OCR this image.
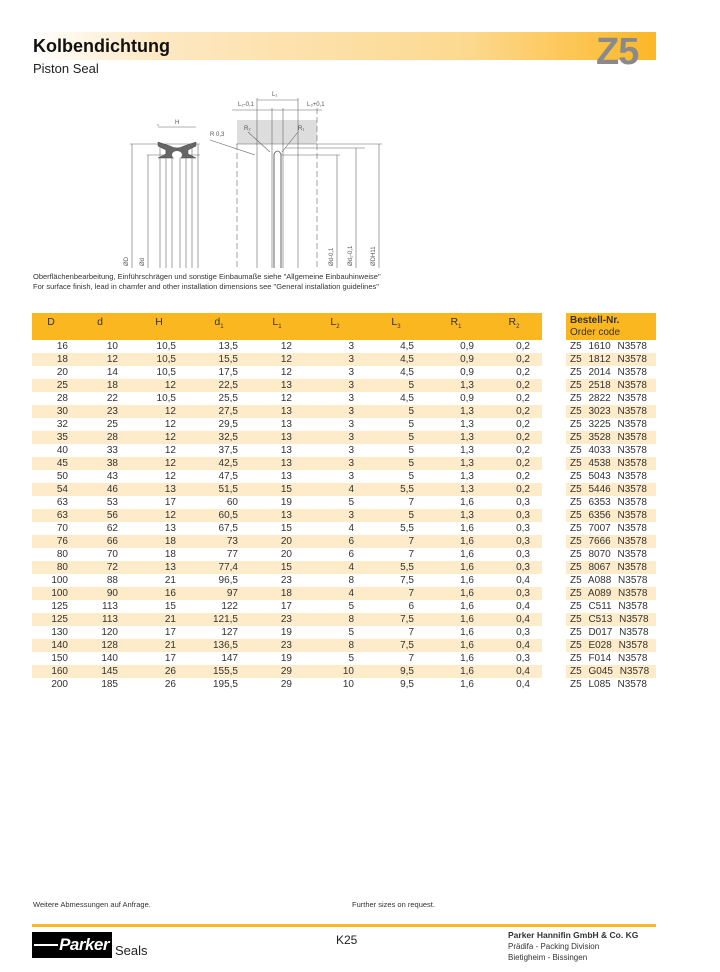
Kolbendichtung
Piston Seal	Z5
H
ØD Ød
L₁
L₂-0,1	L₃+0,1
R₂	R₁
R 0,3
Ød-0,1 Ød₁-0,1	ØDH11
Oberflächenbearbeitung, Einführschrägen und sonstige Einbaumaße siehe "Allgemeine Einbauhinweise"
For surface finish, lead in chamfer and other installation dimensions see "General installation guidelines"
D	d	H	$d_1$	$L_1$	$L_2$	$L_3$	$R_1$	$R_2$		Bestell-Nr.
Order code
16	10	10,5	13,5	12	3	4,5	0,9	0,2		Z5 1610 N3578
18	12	10,5	15,5	12	3	4,5	0,9	0,2		Z5 1812 N3578
20	14	10,5	17,5	12	3	4,5	0,9	0,2		Z5 2014 N3578
25	18	12	22,5	13	3	5	1,3	0,2		Z5 2518 N3578
28	22	10,5	25,5	12	3	4,5	0,9	0,2		Z5 2822 N3578
30	23	12	27,5	13	3	5	1,3	0,2		Z5 3023 N3578
32	25	12	29,5	13	3	5	1,3	0,2		Z5 3225 N3578
35	28	12	32,5	13	3	5	1,3	0,2		Z5 3528 N3578
40	33	12	37,5	13	3	5	1,3	0,2		Z5 4033 N3578
45	38	12	42,5	13	3	5	1,3	0,2		Z5 4538 N3578
50	43	12	47,5	13	3	5	1,3	0,2		Z5 5043 N3578
54	46	13	51,5	15	4	5,5	1,3	0,2		Z5 5446 N3578
63	53	17	60	19	5	7	1,6	0,3		Z5 6353 N3578
63	56	12	60,5	13	3	5	1,3	0,3		Z5 6356 N3578
70	62	13	67,5	15	4	5,5	1,6	0,3		Z5 7007 N3578
76	66	18	73	20	6	7	1,6	0,3		Z5 7666 N3578
80	70	18	77	20	6	7	1,6	0,3		Z5 8070 N3578
80	72	13	77,4	15	4	5,5	1,6	0,3		Z5 8067 N3578
100	88	21	96,5	23	8	7,5	1,6	0,4		Z5 A088 N3578
100	90	16	97	18	4	7	1,6	0,3		Z5 A089 N3578
125	113	15	122	17	5	6	1,6	0,4		Z5 C511 N3578
125	113	21	121,5	23	8	7,5	1,6	0,4		Z5 C513 N3578
130	120	17	127	19	5	7	1,6	0,3		Z5 D017 N3578
140	128	21	136,5	23	8	7,5	1,6	0,4		Z5 E028 N3578
150	140	17	147	19	5	7	1,6	0,3		Z5 F014 N3578
160	145	26	155,5	29	10	9,5	1,6	0,4		Z5 G045 N3578
200	185	26	195,5	29	10	9,5	1,6	0,4		Z5 L085 N3578
Weitere Abmessungen auf Anfrage.	Further sizes on request.
Parker Seals
K25	Parker Hannifin GmbH & Co. KG
Prädifa - Packing Division
Bietigheim - Bissingen
